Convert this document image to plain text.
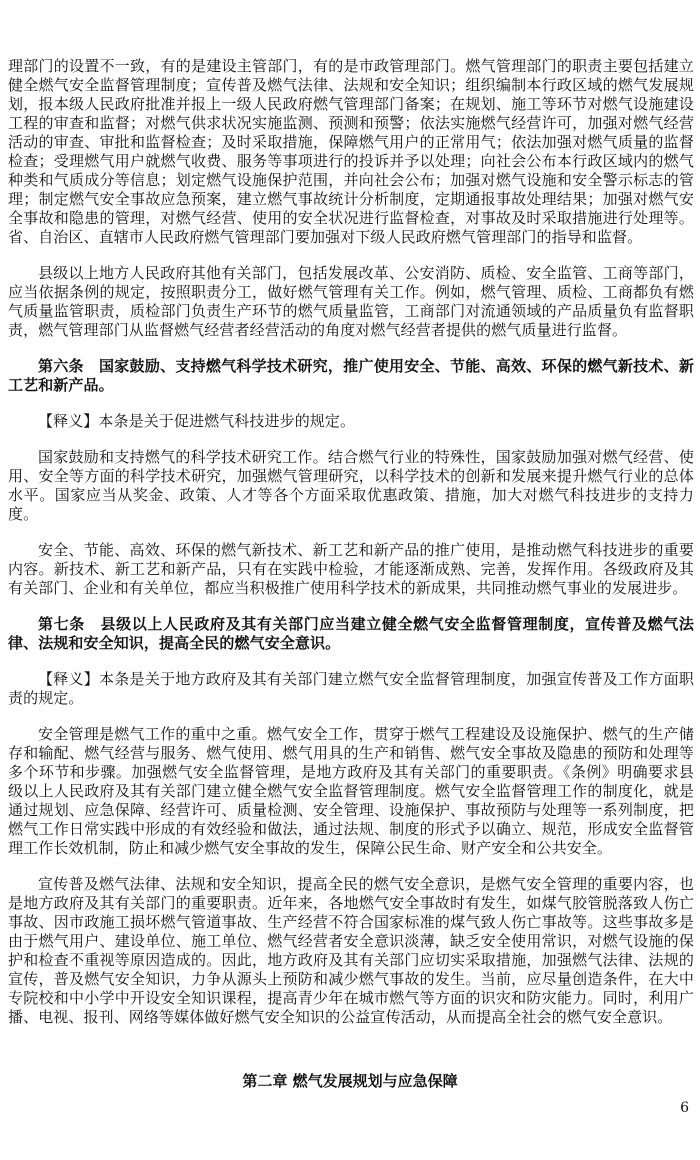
理部门的设置不一致，有的是建设主管部门，有的是市政管理部门。燃气管理部门的职责主要包括建立健全燃气安全监督管理制度；宣传普及燃气法律、法规和安全知识；组织编制本行政区域的燃气发展规划，报本级人民政府批准并报上一级人民政府燃气管理部门备案；在规划、施工等环节对燃气设施建设工程的审查和监督；对燃气供求状况实施监测、预测和预警；依法实施燃气经营许可，加强对燃气经营活动的审查、审批和监督检查；及时采取措施，保障燃气用户的正常用气；依法加强对燃气质量的监督检查；受理燃气用户就燃气收费、服务等事项进行的投诉并予以处理；向社会公布本行政区域内的燃气种类和气质成分等信息；划定燃气设施保护范围，并向社会公布；加强对燃气设施和安全警示标志的管理；制定燃气安全事故应急预案，建立燃气事故统计分析制度，定期通报事故处理结果；加强对燃气安全事故和隐患的管理，对燃气经营、使用的安全状况进行监督检查，对事故及时采取措施进行处理等。省、自治区、直辖市人民政府燃气管理部门要加强对下级人民政府燃气管理部门的指导和监督。

县级以上地方人民政府其他有关部门，包括发展改革、公安消防、质检、安全监管、工商等部门，应当依据条例的规定，按照职责分工，做好燃气管理有关工作。例如，燃气管理、质检、工商都负有燃气质量监管职责，质检部门负责生产环节的燃气质量监管，工商部门对流通领域的产品质量负有监督职责，燃气管理部门从监督燃气经营者经营活动的角度对燃气经营者提供的燃气质量进行监督。

第六条　国家鼓励、支持燃气科学技术研究，推广使用安全、节能、高效、环保的燃气新技术、新工艺和新产品。

【释义】本条是关于促进燃气科技进步的规定。

国家鼓励和支持燃气的科学技术研究工作。结合燃气行业的特殊性，国家鼓励加强对燃气经营、使用、安全等方面的科学技术研究，加强燃气管理研究，以科学技术的创新和发展来提升燃气行业的总体水平。国家应当从奖金、政策、人才等各个方面采取优惠政策、措施，加大对燃气科技进步的支持力度。

安全、节能、高效、环保的燃气新技术、新工艺和新产品的推广使用，是推动燃气科技进步的重要内容。新技术、新工艺和新产品，只有在实践中检验，才能逐渐成熟、完善，发挥作用。各级政府及其有关部门、企业和有关单位，都应当积极推广使用科学技术的新成果，共同推动燃气事业的发展进步。

第七条　县级以上人民政府及其有关部门应当建立健全燃气安全监督管理制度，宣传普及燃气法律、法规和安全知识，提高全民的燃气安全意识。

【释义】本条是关于地方政府及其有关部门建立燃气安全监督管理制度，加强宣传普及工作方面职责的规定。

安全管理是燃气工作的重中之重。燃气安全工作，贯穿于燃气工程建设及设施保护、燃气的生产储存和输配、燃气经营与服务、燃气使用、燃气用具的生产和销售、燃气安全事故及隐患的预防和处理等多个环节和步骤。加强燃气安全监督管理，是地方政府及其有关部门的重要职责。《条例》明确要求县级以上人民政府及其有关部门建立健全燃气安全监督管理制度。燃气安全监督管理工作的制度化，就是通过规划、应急保障、经营许可、质量检测、安全管理、设施保护、事故预防与处理等一系列制度，把燃气工作日常实践中形成的有效经验和做法，通过法规、制度的形式予以确立、规范，形成安全监督管理工作长效机制，防止和减少燃气安全事故的发生，保障公民生命、财产安全和公共安全。

宣传普及燃气法律、法规和安全知识，提高全民的燃气安全意识，是燃气安全管理的重要内容，也是地方政府及其有关部门的重要职责。近年来，各地燃气安全事故时有发生，如煤气胶管脱落致人伤亡事故、因市政施工损坏燃气管道事故、生产经营不符合国家标准的煤气致人伤亡事故等。这些事故多是由于燃气用户、建设单位、施工单位、燃气经营者安全意识淡薄，缺乏安全使用常识，对燃气设施的保护和检查不重视等原因造成的。因此，地方政府及其有关部门应切实采取措施，加强燃气法律、法规的宣传，普及燃气安全知识，力争从源头上预防和减少燃气事故的发生。当前，应尽量创造条件，在大中专院校和中小学中开设安全知识课程，提高青少年在城市燃气等方面的识灾和防灾能力。同时，利用广播、电视、报刊、网络等媒体做好燃气安全知识的公益宣传活动，从而提高全社会的燃气安全意识。

第二章 燃气发展规划与应急保障
6
